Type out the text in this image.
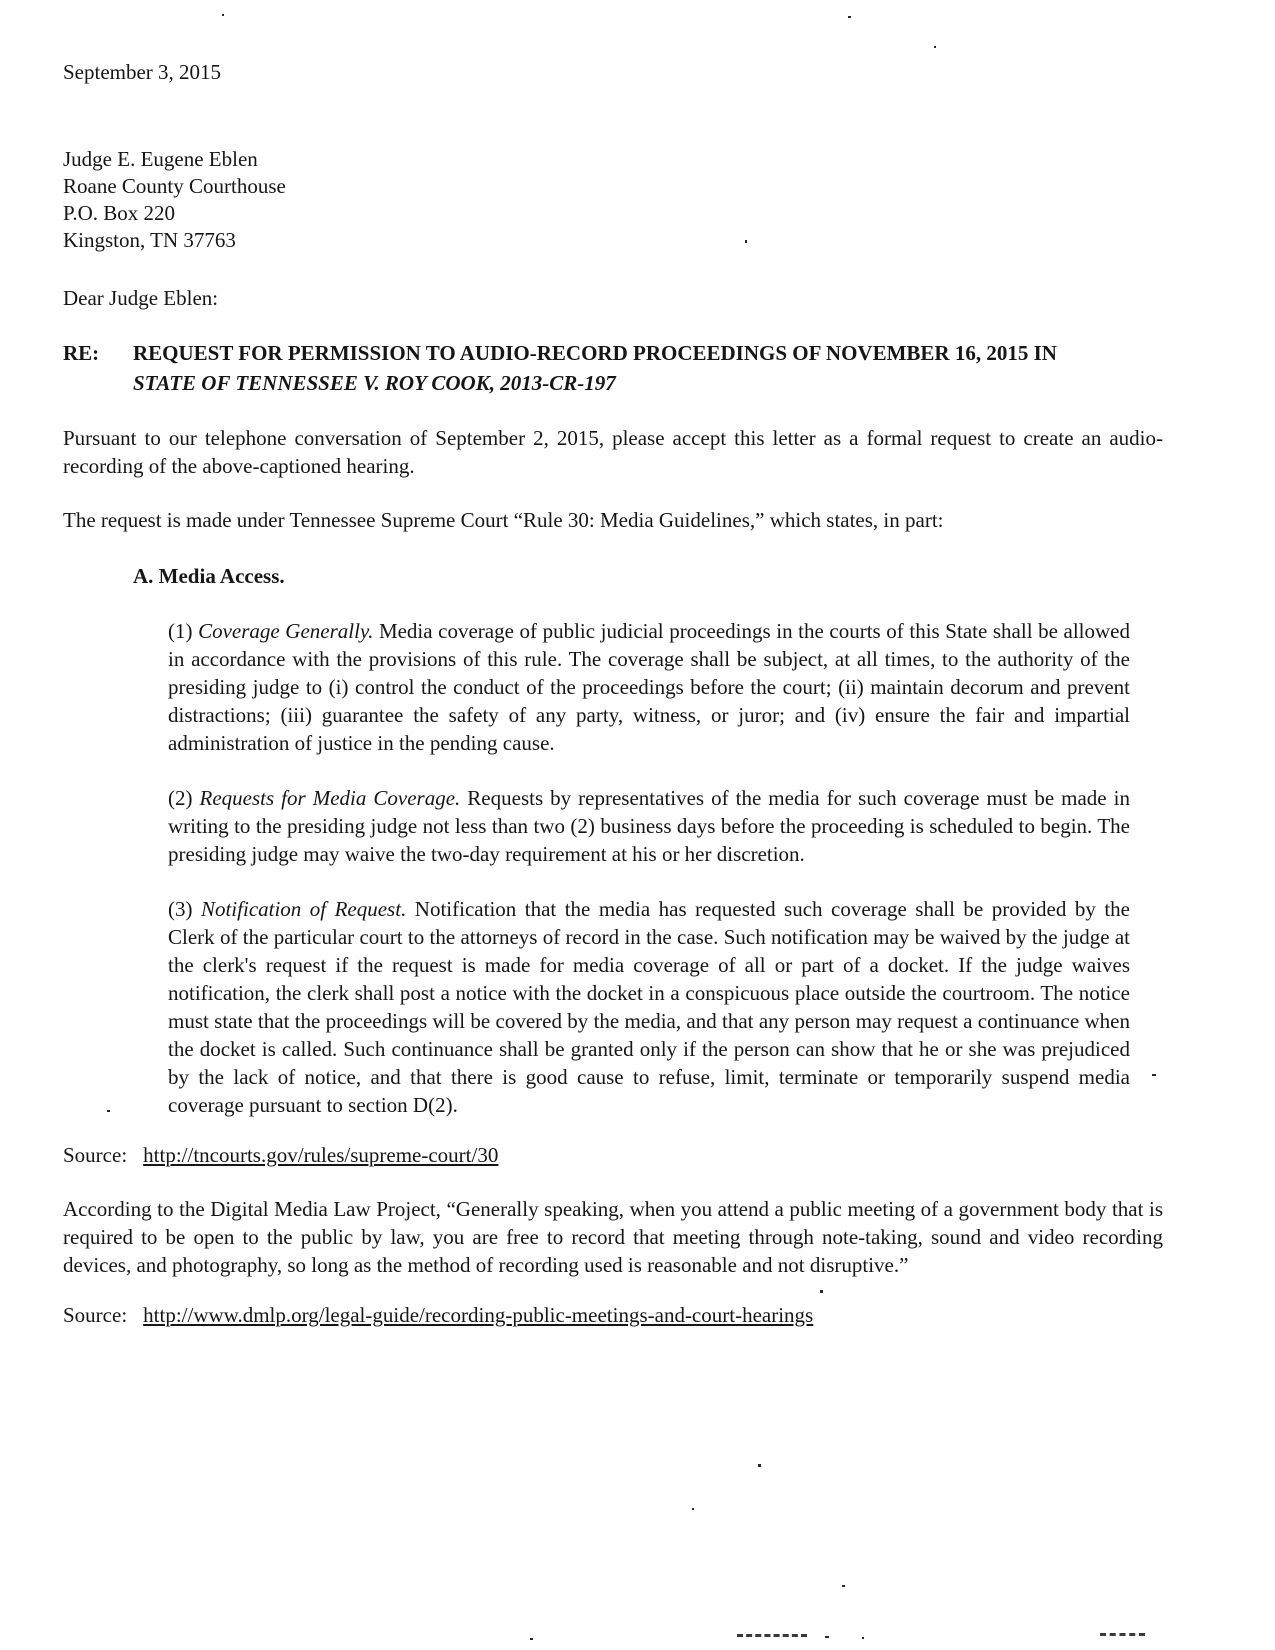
September 3, 2015
Judge E. Eugene Eblen
Roane County Courthouse
P.O. Box 220
Kingston, TN 37763
Dear Judge Eblen:
RE:	REQUEST FOR PERMISSION TO AUDIO-RECORD PROCEEDINGS OF NOVEMBER 16, 2015 IN STATE OF TENNESSEE V. ROY COOK, 2013-CR-197

Pursuant to our telephone conversation of September 2, 2015, please accept this letter as a formal request to create an audio-recording of the above-captioned hearing.

The request is made under Tennessee Supreme Court “Rule 30: Media Guidelines,” which states, in part:

A. Media Access.

(1) Coverage Generally. Media coverage of public judicial proceedings in the courts of this State shall be allowed in accordance with the provisions of this rule. The coverage shall be subject, at all times, to the authority of the presiding judge to (i) control the conduct of the proceedings before the court; (ii) maintain decorum and prevent distractions; (iii) guarantee the safety of any party, witness, or juror; and (iv) ensure the fair and impartial administration of justice in the pending cause.

(2) Requests for Media Coverage. Requests by representatives of the media for such coverage must be made in writing to the presiding judge not less than two (2) business days before the proceeding is scheduled to begin. The presiding judge may waive the two-day requirement at his or her discretion.

(3) Notification of Request. Notification that the media has requested such coverage shall be provided by the Clerk of the particular court to the attorneys of record in the case. Such notification may be waived by the judge at the clerk's request if the request is made for media coverage of all or part of a docket. If the judge waives notification, the clerk shall post a notice with the docket in a conspicuous place outside the courtroom. The notice must state that the proceedings will be covered by the media, and that any person may request a continuance when the docket is called. Such continuance shall be granted only if the person can show that he or she was prejudiced by the lack of notice, and that there is good cause to refuse, limit, terminate or temporarily suspend media coverage pursuant to section D(2).

Source: http://tncourts.gov/rules/supreme-court/30

According to the Digital Media Law Project, “Generally speaking, when you attend a public meeting of a government body that is required to be open to the public by law, you are free to record that meeting through note-taking, sound and video recording devices, and photography, so long as the method of recording used is reasonable and not disruptive.”

Source: http://www.dmlp.org/legal-guide/recording-public-meetings-and-court-hearings
